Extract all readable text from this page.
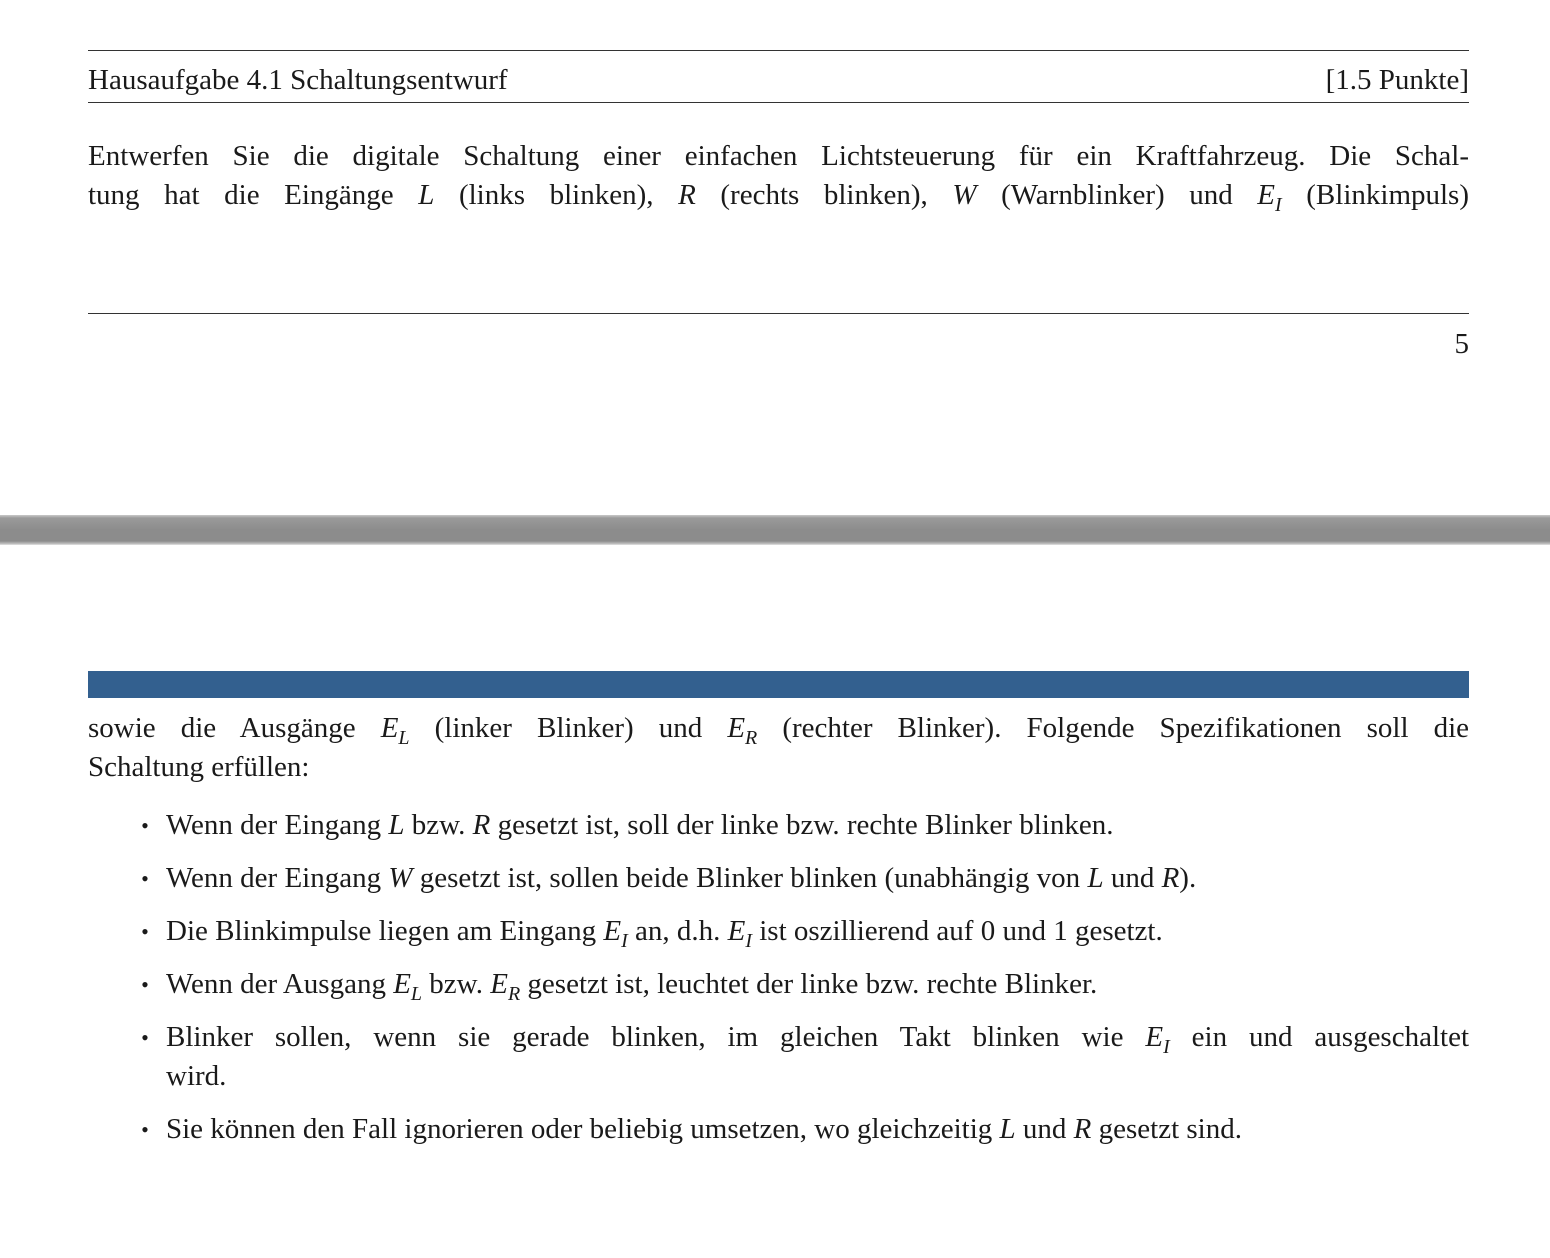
Hausaufgabe 4.1 Schaltungsentwurf	[1.5 Punkte]
Entwerfen Sie die digitale Schaltung einer einfachen Lichtsteuerung für ein Kraftfahrzeug. Die Schal-
tung hat die Eingänge L (links blinken), R (rechts blinken), W (Warnblinker) und $E_I$ (Blinkimpuls)
5
sowie die Ausgänge $E_L$ (linker Blinker) und $E_R$ (rechter Blinker). Folgende Spezifikationen soll die
Schaltung erfüllen:
• Wenn der Eingang L bzw. R gesetzt ist, soll der linke bzw. rechte Blinker blinken.
• Wenn der Eingang W gesetzt ist, sollen beide Blinker blinken (unabhängig von L und R).
• Die Blinkimpulse liegen am Eingang $E_I$ an, d.h. $E_I$ ist oszillierend auf 0 und 1 gesetzt.
• Wenn der Ausgang $E_L$ bzw. $E_R$ gesetzt ist, leuchtet der linke bzw. rechte Blinker.
• Blinker sollen, wenn sie gerade blinken, im gleichen Takt blinken wie $E_I$ ein und ausgeschaltet
wird.
• Sie können den Fall ignorieren oder beliebig umsetzen, wo gleichzeitig L und R gesetzt sind.
